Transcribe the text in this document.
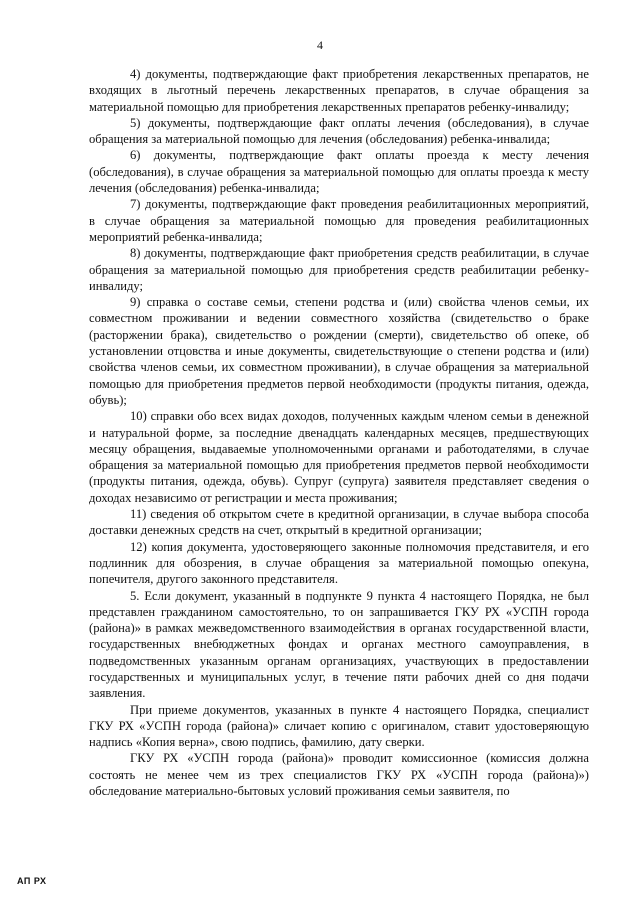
4

4) документы, подтверждающие факт приобретения лекарственных препаратов, не входящих в льготный перечень лекарственных препаратов, в случае обращения за материальной помощью для приобретения лекарственных препаратов ребенку-инвалиду;

5) документы, подтверждающие факт оплаты лечения (обследования), в случае обращения за материальной помощью для лечения (обследования) ребенка-инвалида;

6) документы, подтверждающие факт оплаты проезда к месту лечения (обследования), в случае обращения за материальной помощью для оплаты проезда к месту лечения (обследования) ребенка-инвалида;

7) документы, подтверждающие факт проведения реабилитационных мероприятий, в случае обращения за материальной помощью для проведения реабилитационных мероприятий ребенка-инвалида;

8) документы, подтверждающие факт приобретения средств реабилитации, в случае обращения за материальной помощью для приобретения средств реабилитации ребенку-инвалиду;

9) справка о составе семьи, степени родства и (или) свойства членов семьи, их совместном проживании и ведении совместного хозяйства (свидетельство о браке (расторжении брака), свидетельство о рождении (смерти), свидетельство об опеке, об установлении отцовства и иные документы, свидетельствующие о степени родства и (или) свойства членов семьи, их совместном проживании), в случае обращения за материальной помощью для приобретения предметов первой необходимости (продукты питания, одежда, обувь);

10) справки обо всех видах доходов, полученных каждым членом семьи в денежной и натуральной форме, за последние двенадцать календарных месяцев, предшествующих месяцу обращения, выдаваемые уполномоченными органами и работодателями, в случае обращения за материальной помощью для приобретения предметов первой необходимости (продукты питания, одежда, обувь). Супруг (супруга) заявителя представляет сведения о доходах независимо от регистрации и места проживания;

11) сведения об открытом счете в кредитной организации, в случае выбора способа доставки денежных средств на счет, открытый в кредитной организации;

12) копия документа, удостоверяющего законные полномочия представителя, и его подлинник для обозрения, в случае обращения за материальной помощью опекуна, попечителя, другого законного представителя.

5. Если документ, указанный в подпункте 9 пункта 4 настоящего Порядка, не был представлен гражданином самостоятельно, то он запрашивается ГКУ РХ «УСПН города (района)» в рамках межведомственного взаимодействия в органах государственной власти, государственных внебюджетных фондах и органах местного самоуправления, в подведомственных указанным органам организациях, участвующих в предоставлении государственных и муниципальных услуг, в течение пяти рабочих дней со дня подачи заявления.

При приеме документов, указанных в пункте 4 настоящего Порядка, специалист ГКУ РХ «УСПН города (района)» сличает копию с оригиналом, ставит удостоверяющую надпись «Копия верна», свою подпись, фамилию, дату сверки.

ГКУ РХ «УСПН города (района)» проводит комиссионное (комиссия должна состоять не менее чем из трех специалистов ГКУ РХ «УСПН города (района)») обследование материально-бытовых условий проживания семьи заявителя, по

АП РХ
